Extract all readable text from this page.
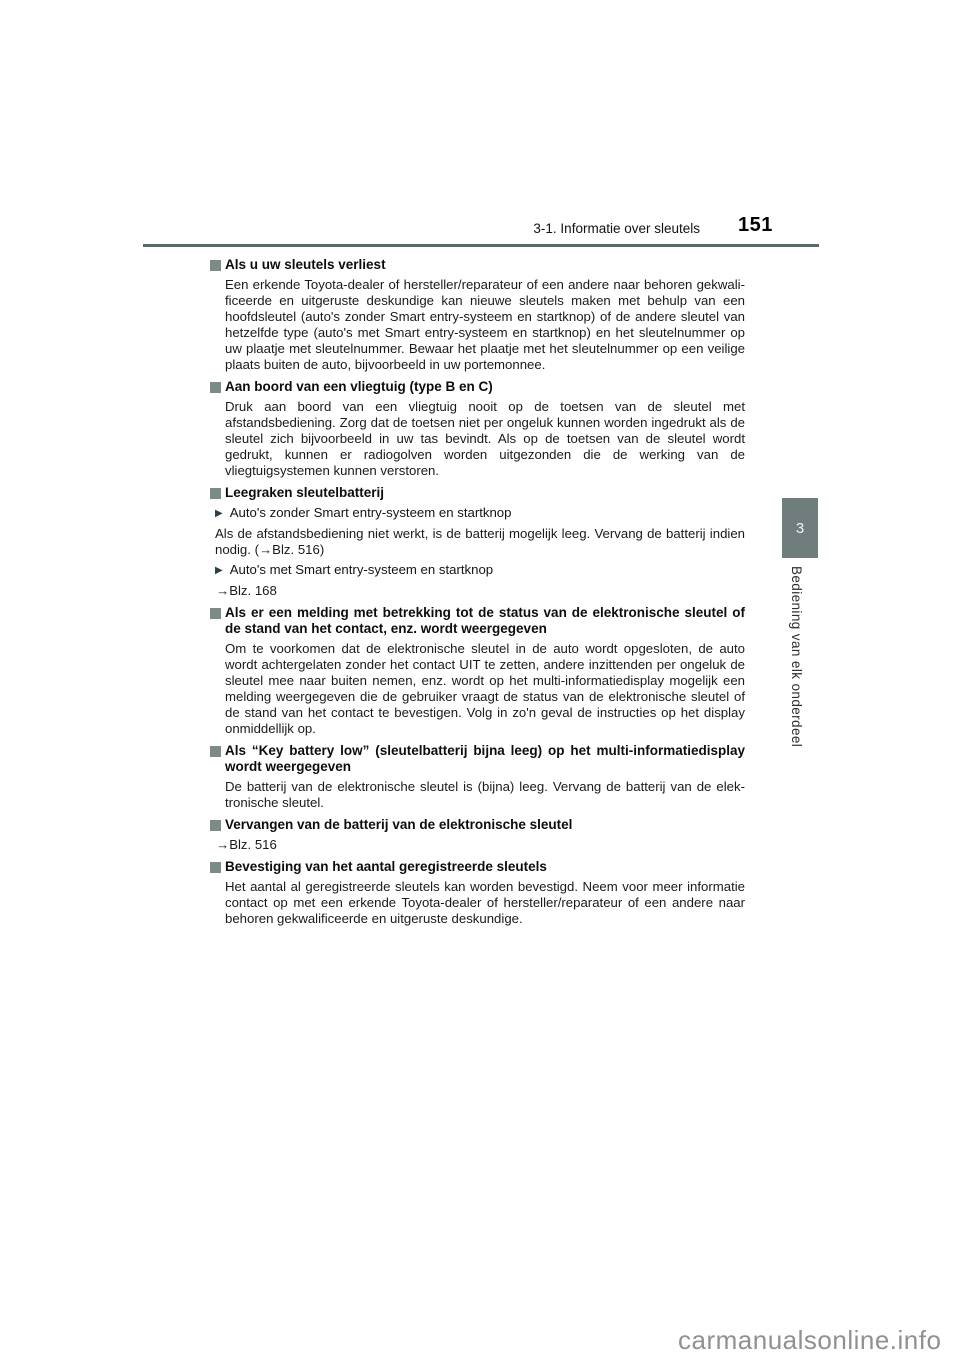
3-1. Informatie over sleutels 151
Als u uw sleutels verliest

Een erkende Toyota-dealer of hersteller/reparateur of een andere naar behoren gekwalificeerde en uitgeruste deskundige kan nieuwe sleutels maken met behulp van een hoofdsleutel (auto's zonder Smart entry-systeem en startknop) of de andere sleutel van hetzelfde type (auto's met Smart entry-systeem en startknop) en het sleutelnummer op uw plaatje met sleutelnummer. Bewaar het plaatje met het sleutelnummer op een veilige plaats buiten de auto, bijvoorbeeld in uw portemonnee.

Aan boord van een vliegtuig (type B en C)

Druk aan boord van een vliegtuig nooit op de toetsen van de sleutel met afstandsbediening. Zorg dat de toetsen niet per ongeluk kunnen worden ingedrukt als de sleutel zich bijvoorbeeld in uw tas bevindt. Als op de toetsen van de sleutel wordt gedrukt, kunnen er radiogolven worden uitgezonden die de werking van de vliegtuigsystemen kunnen verstoren.

Leegraken sleutelbatterij
▶ Auto's zonder Smart entry-systeem en startknop
Als de afstandsbediening niet werkt, is de batterij mogelijk leeg. Vervang de batterij indien nodig. (→Blz. 516)
▶ Auto's met Smart entry-systeem en startknop
→Blz. 168
Als er een melding met betrekking tot de status van de elektronische sleutel of de stand van het contact, enz. wordt weergegeven

Om te voorkomen dat de elektronische sleutel in de auto wordt opgesloten, de auto wordt achtergelaten zonder het contact UIT te zetten, andere inzittenden per ongeluk de sleutel mee naar buiten nemen, enz. wordt op het multi-informatiedisplay mogelijk een melding weergegeven die de gebruiker vraagt de status van de elektronische sleutel of de stand van het contact te bevestigen. Volg in zo'n geval de instructies op het display onmiddellijk op.

Als “Key battery low” (sleutelbatterij bijna leeg) op het multi-informatiedisplay wordt weergegeven

De batterij van de elektronische sleutel is (bijna) leeg. Vervang de batterij van de elektronische sleutel.

Vervangen van de batterij van de elektronische sleutel
→Blz. 516
Bevestiging van het aantal geregistreerde sleutels

Het aantal al geregistreerde sleutels kan worden bevestigd. Neem voor meer informatie contact op met een erkende Toyota-dealer of hersteller/reparateur of een andere naar behoren gekwalificeerde en uitgeruste deskundige.

3
Bediening van elk onderdeel
carmanualsonline.info
